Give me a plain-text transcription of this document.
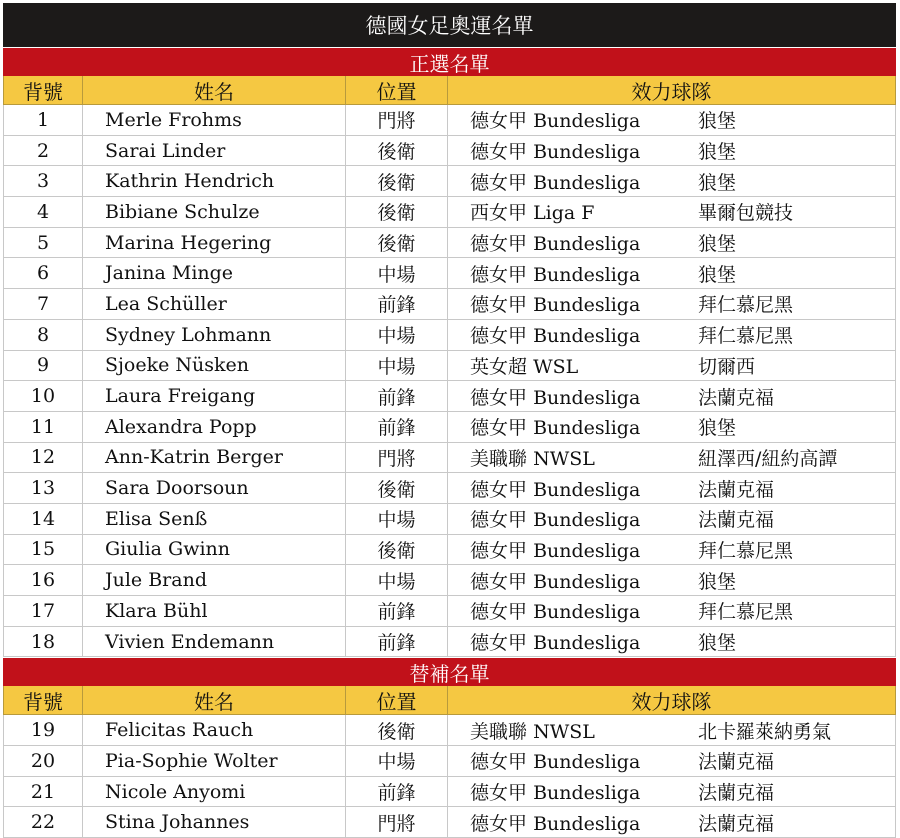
德國女足奧運名單
正選名單
背號	姓名	位置	效力球隊
1	Merle Frohms	門將	德女甲 Bundesliga	狼堡
2	Sarai Linder	後衛	德女甲 Bundesliga	狼堡
3	Kathrin Hendrich	後衛	德女甲 Bundesliga	狼堡
4	Bibiane Schulze	後衛	西女甲 Liga F	畢爾包競技
5	Marina Hegering	後衛	德女甲 Bundesliga	狼堡
6	Janina Minge	中場	德女甲 Bundesliga	狼堡
7	Lea Schüller	前鋒	德女甲 Bundesliga	拜仁慕尼黑
8	Sydney Lohmann	中場	德女甲 Bundesliga	拜仁慕尼黑
9	Sjoeke Nüsken	中場	英女超 WSL	切爾西
10	Laura Freigang	前鋒	德女甲 Bundesliga	法蘭克福
11	Alexandra Popp	前鋒	德女甲 Bundesliga	狼堡
12	Ann-Katrin Berger	門將	美職聯 NWSL	紐澤西/紐約高譚
13	Sara Doorsoun	後衛	德女甲 Bundesliga	法蘭克福
14	Elisa Senß	中場	德女甲 Bundesliga	法蘭克福
15	Giulia Gwinn	後衛	德女甲 Bundesliga	拜仁慕尼黑
16	Jule Brand	中場	德女甲 Bundesliga	狼堡
17	Klara Bühl	前鋒	德女甲 Bundesliga	拜仁慕尼黑
18	Vivien Endemann	前鋒	德女甲 Bundesliga	狼堡
替補名單
背號	姓名	位置	效力球隊
19	Felicitas Rauch	後衛	美職聯 NWSL	北卡羅萊納勇氣
20	Pia-Sophie Wolter	中場	德女甲 Bundesliga	法蘭克福
21	Nicole Anyomi	前鋒	德女甲 Bundesliga	法蘭克福
22	Stina Johannes	門將	德女甲 Bundesliga	法蘭克福
